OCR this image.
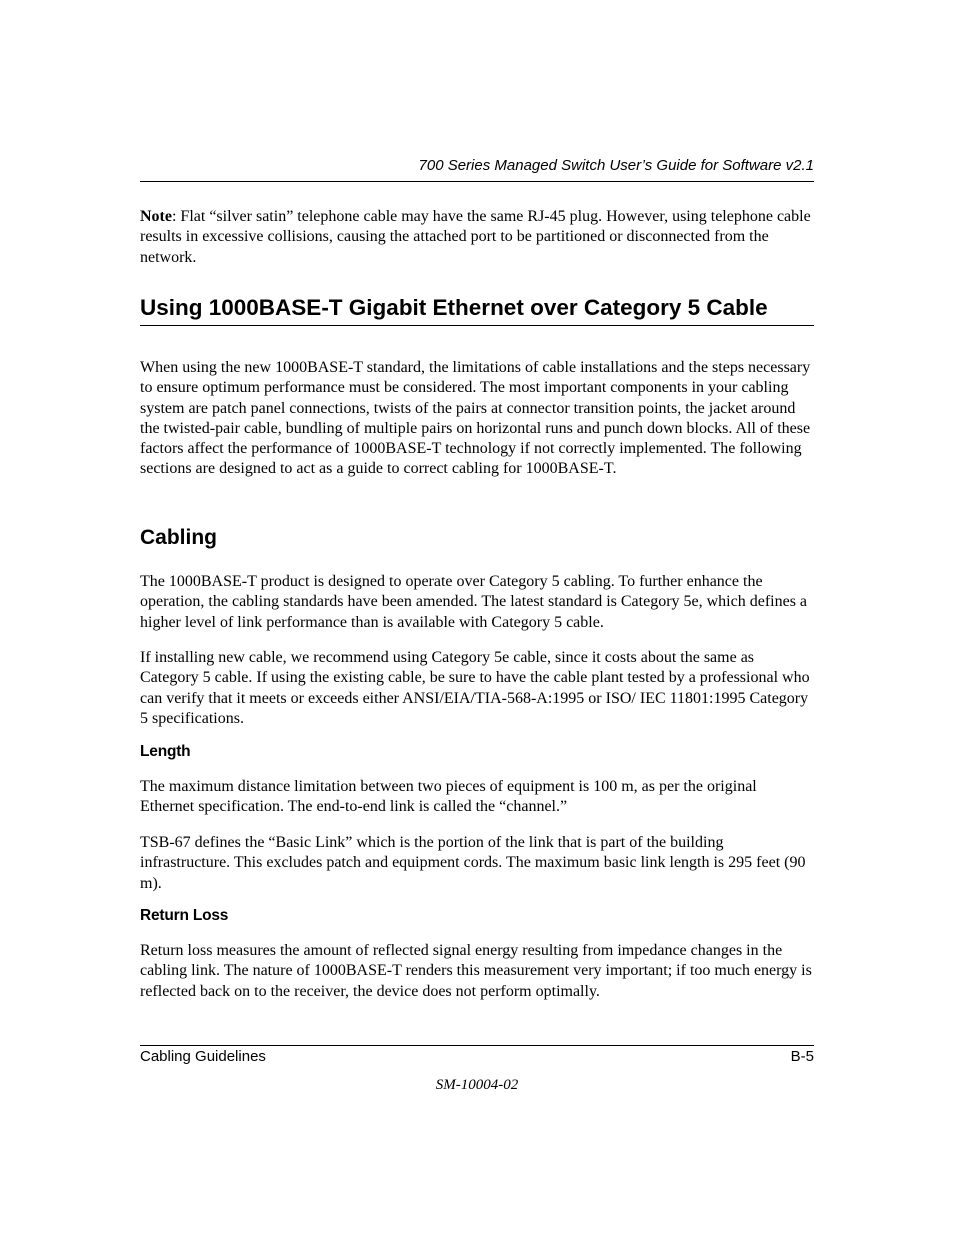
700 Series Managed Switch User’s Guide for Software v2.1

Note: Flat “silver satin” telephone cable may have the same RJ-45 plug. However, using telephone cable results in excessive collisions, causing the attached port to be partitioned or disconnected from the network.

Using 1000BASE-T Gigabit Ethernet over Category 5 Cable

When using the new 1000BASE-T standard, the limitations of cable installations and the steps necessary to ensure optimum performance must be considered. The most important components in your cabling system are patch panel connections, twists of the pairs at connector transition points, the jacket around the twisted-pair cable, bundling of multiple pairs on horizontal runs and punch down blocks. All of these factors affect the performance of 1000BASE-T technology if not correctly implemented. The following sections are designed to act as a guide to correct cabling for 1000BASE-T.

Cabling

The 1000BASE-T product is designed to operate over Category 5 cabling. To further enhance the operation, the cabling standards have been amended. The latest standard is Category 5e, which defines a higher level of link performance than is available with Category 5 cable.

If installing new cable, we recommend using Category 5e cable, since it costs about the same as Category 5 cable. If using the existing cable, be sure to have the cable plant tested by a professional who can verify that it meets or exceeds either ANSI/EIA/TIA-568-A:1995 or ISO/ IEC 11801:1995 Category 5 specifications.

Length

The maximum distance limitation between two pieces of equipment is 100 m, as per the original Ethernet specification. The end-to-end link is called the “channel.”

TSB-67 defines the “Basic Link” which is the portion of the link that is part of the building infrastructure. This excludes patch and equipment cords. The maximum basic link length is 295 feet (90 m).

Return Loss

Return loss measures the amount of reflected signal energy resulting from impedance changes in the cabling link. The nature of 1000BASE-T renders this measurement very important; if too much energy is reflected back on to the receiver, the device does not perform optimally.

Cabling Guidelines	B-5
SM-10004-02
